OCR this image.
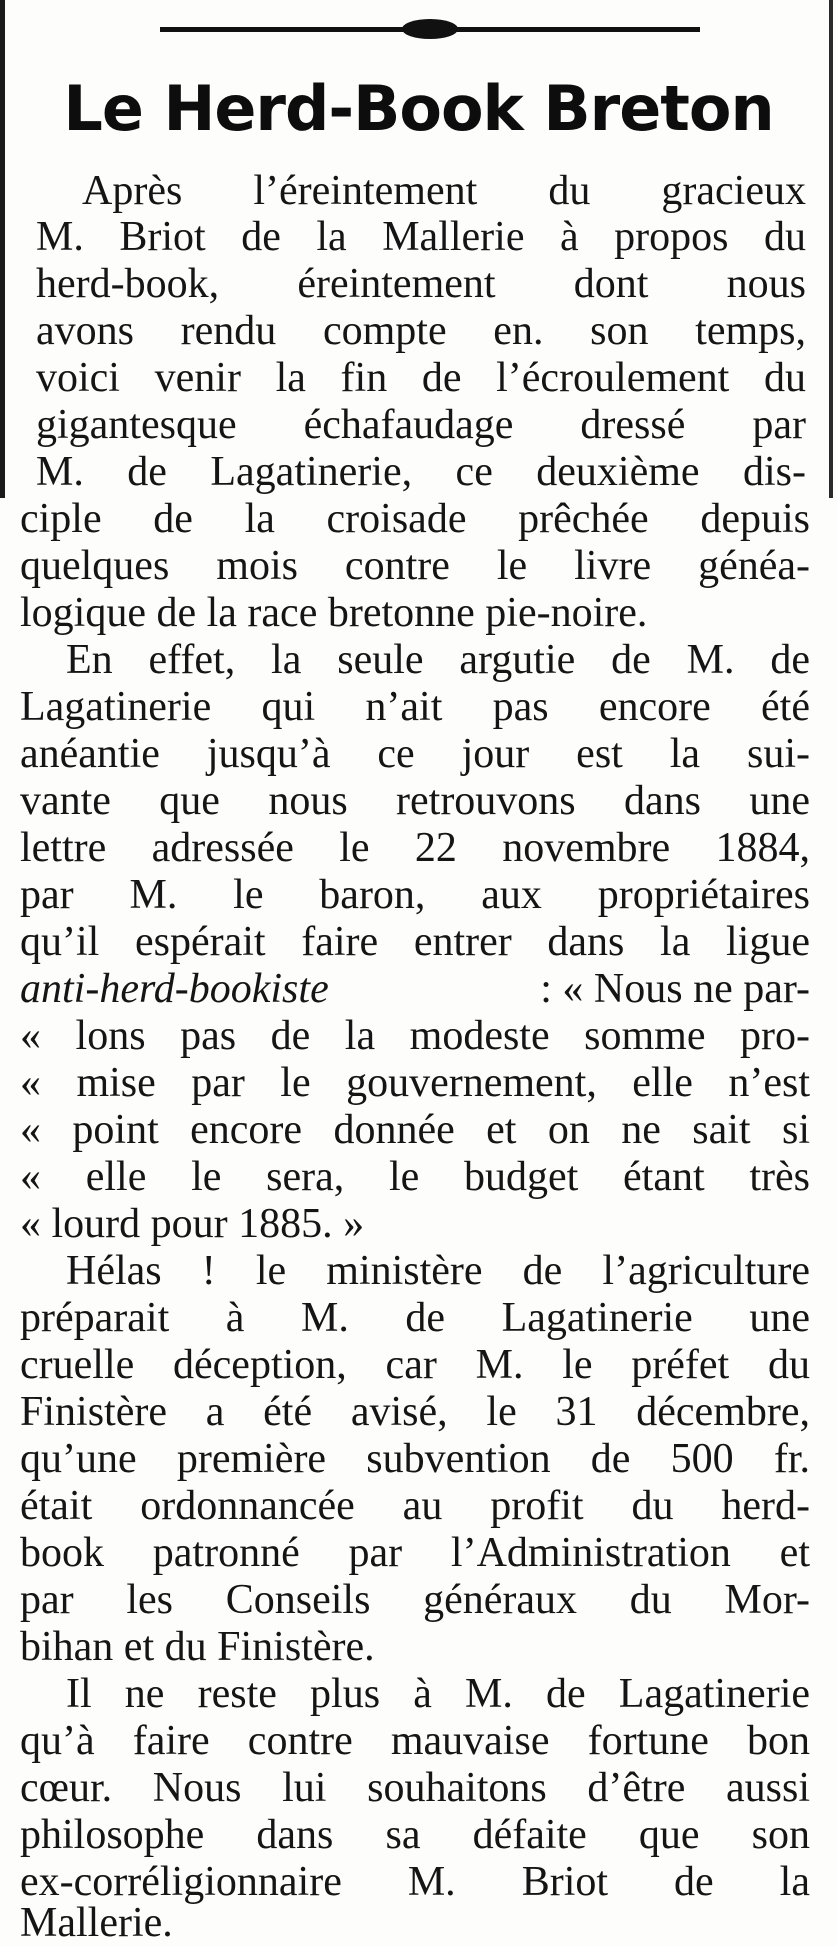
Le Herd-Book Breton
Après l’éreintement du gracieux
M. Briot de la Mallerie à propos du
herd-book, éreintement dont nous
avons rendu compte en. son temps,
voici venir la fin de l’écroulement du
gigantesque échafaudage dressé par
M. de Lagatinerie, ce deuxième dis-
ciple de la croisade prêchée depuis
quelques mois contre le livre généa-
logique de la race bretonne pie-noire.
En effet, la seule argutie de M. de
Lagatinerie qui n’ait pas encore été
anéantie jusqu’à ce jour est la sui-
vante que nous retrouvons dans une
lettre adressée le 22 novembre 1884,
par M. le baron, aux propriétaires
qu’il espérait faire entrer dans la ligue
anti-herd-bookiste	: « Nous ne par-
« lons pas de la modeste somme pro-
« mise par le gouvernement, elle n’est
« point encore donnée et on ne sait si
« elle le sera, le budget étant très
« lourd pour 1885. »
Hélas ! le ministère de l’agriculture
préparait à M. de Lagatinerie une
cruelle déception, car M. le préfet du
Finistère a été avisé, le 31 décembre,
qu’une première subvention de 500 fr.
était ordonnancée au profit du herd-
book patronné par l’Administration et
par les Conseils généraux du Mor-
bihan et du Finistère.
Il ne reste plus à M. de Lagatinerie
qu’à faire contre mauvaise fortune bon
cœur. Nous lui souhaitons d’être aussi
philosophe dans sa défaite que son
ex-corréligionnaire M. Briot de la
Mallerie.
